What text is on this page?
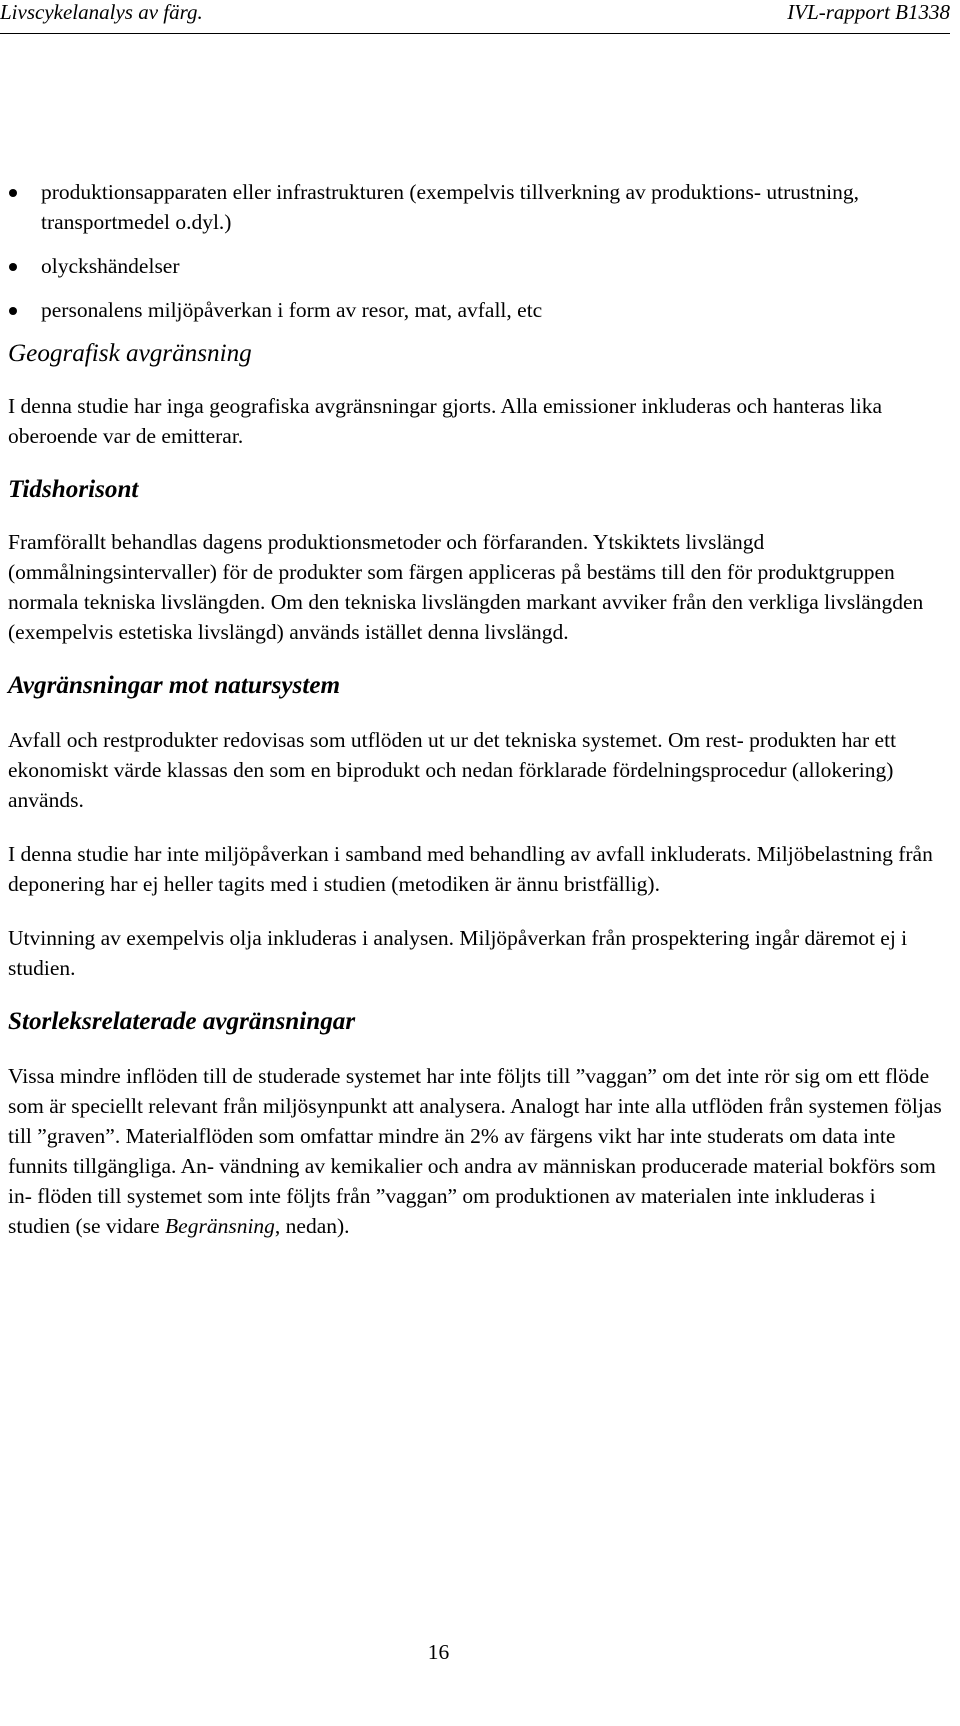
Livscykelanalys av färg.	IVL-rapport B1338
produktionsapparaten eller infrastrukturen (exempelvis tillverkning av produktions- utrustning, transportmedel o.dyl.)
olyckshändelser
personalens miljöpåverkan i form av resor, mat, avfall, etc
Geografisk avgränsning

I denna studie har inga geografiska avgränsningar gjorts. Alla emissioner inkluderas och hanteras lika oberoende var de emitterar.

Tidshorisont

Framförallt behandlas dagens produktionsmetoder och förfaranden. Ytskiktets livslängd (ommålningsintervaller) för de produkter som färgen appliceras på bestäms till den för produktgruppen normala tekniska livslängden. Om den tekniska livslängden markant avviker från den verkliga livslängden (exempelvis estetiska livslängd) används istället denna livslängd.

Avgränsningar mot natursystem

Avfall och restprodukter redovisas som utflöden ut ur det tekniska systemet. Om rest- produkten har ett ekonomiskt värde klassas den som en biprodukt och nedan förklarade fördelningsprocedur (allokering) används.

I denna studie har inte miljöpåverkan i samband med behandling av avfall inkluderats. Miljöbelastning från deponering har ej heller tagits med i studien (metodiken är ännu bristfällig).

Utvinning av exempelvis olja inkluderas i analysen. Miljöpåverkan från prospektering ingår däremot ej i studien.

Storleksrelaterade avgränsningar

Vissa mindre inflöden till de studerade systemet har inte följts till ”vaggan” om det inte rör sig om ett flöde som är speciellt relevant från miljösynpunkt att analysera. Analogt har inte alla utflöden från systemen följas till ”graven”. Materialflöden som omfattar mindre än 2% av färgens vikt har inte studerats om data inte funnits tillgängliga. An- vändning av kemikalier och andra av människan producerade material bokförs som in- flöden till systemet som inte följts från ”vaggan” om produktionen av materialen inte inkluderas i studien (se vidare Begränsning, nedan).

16
